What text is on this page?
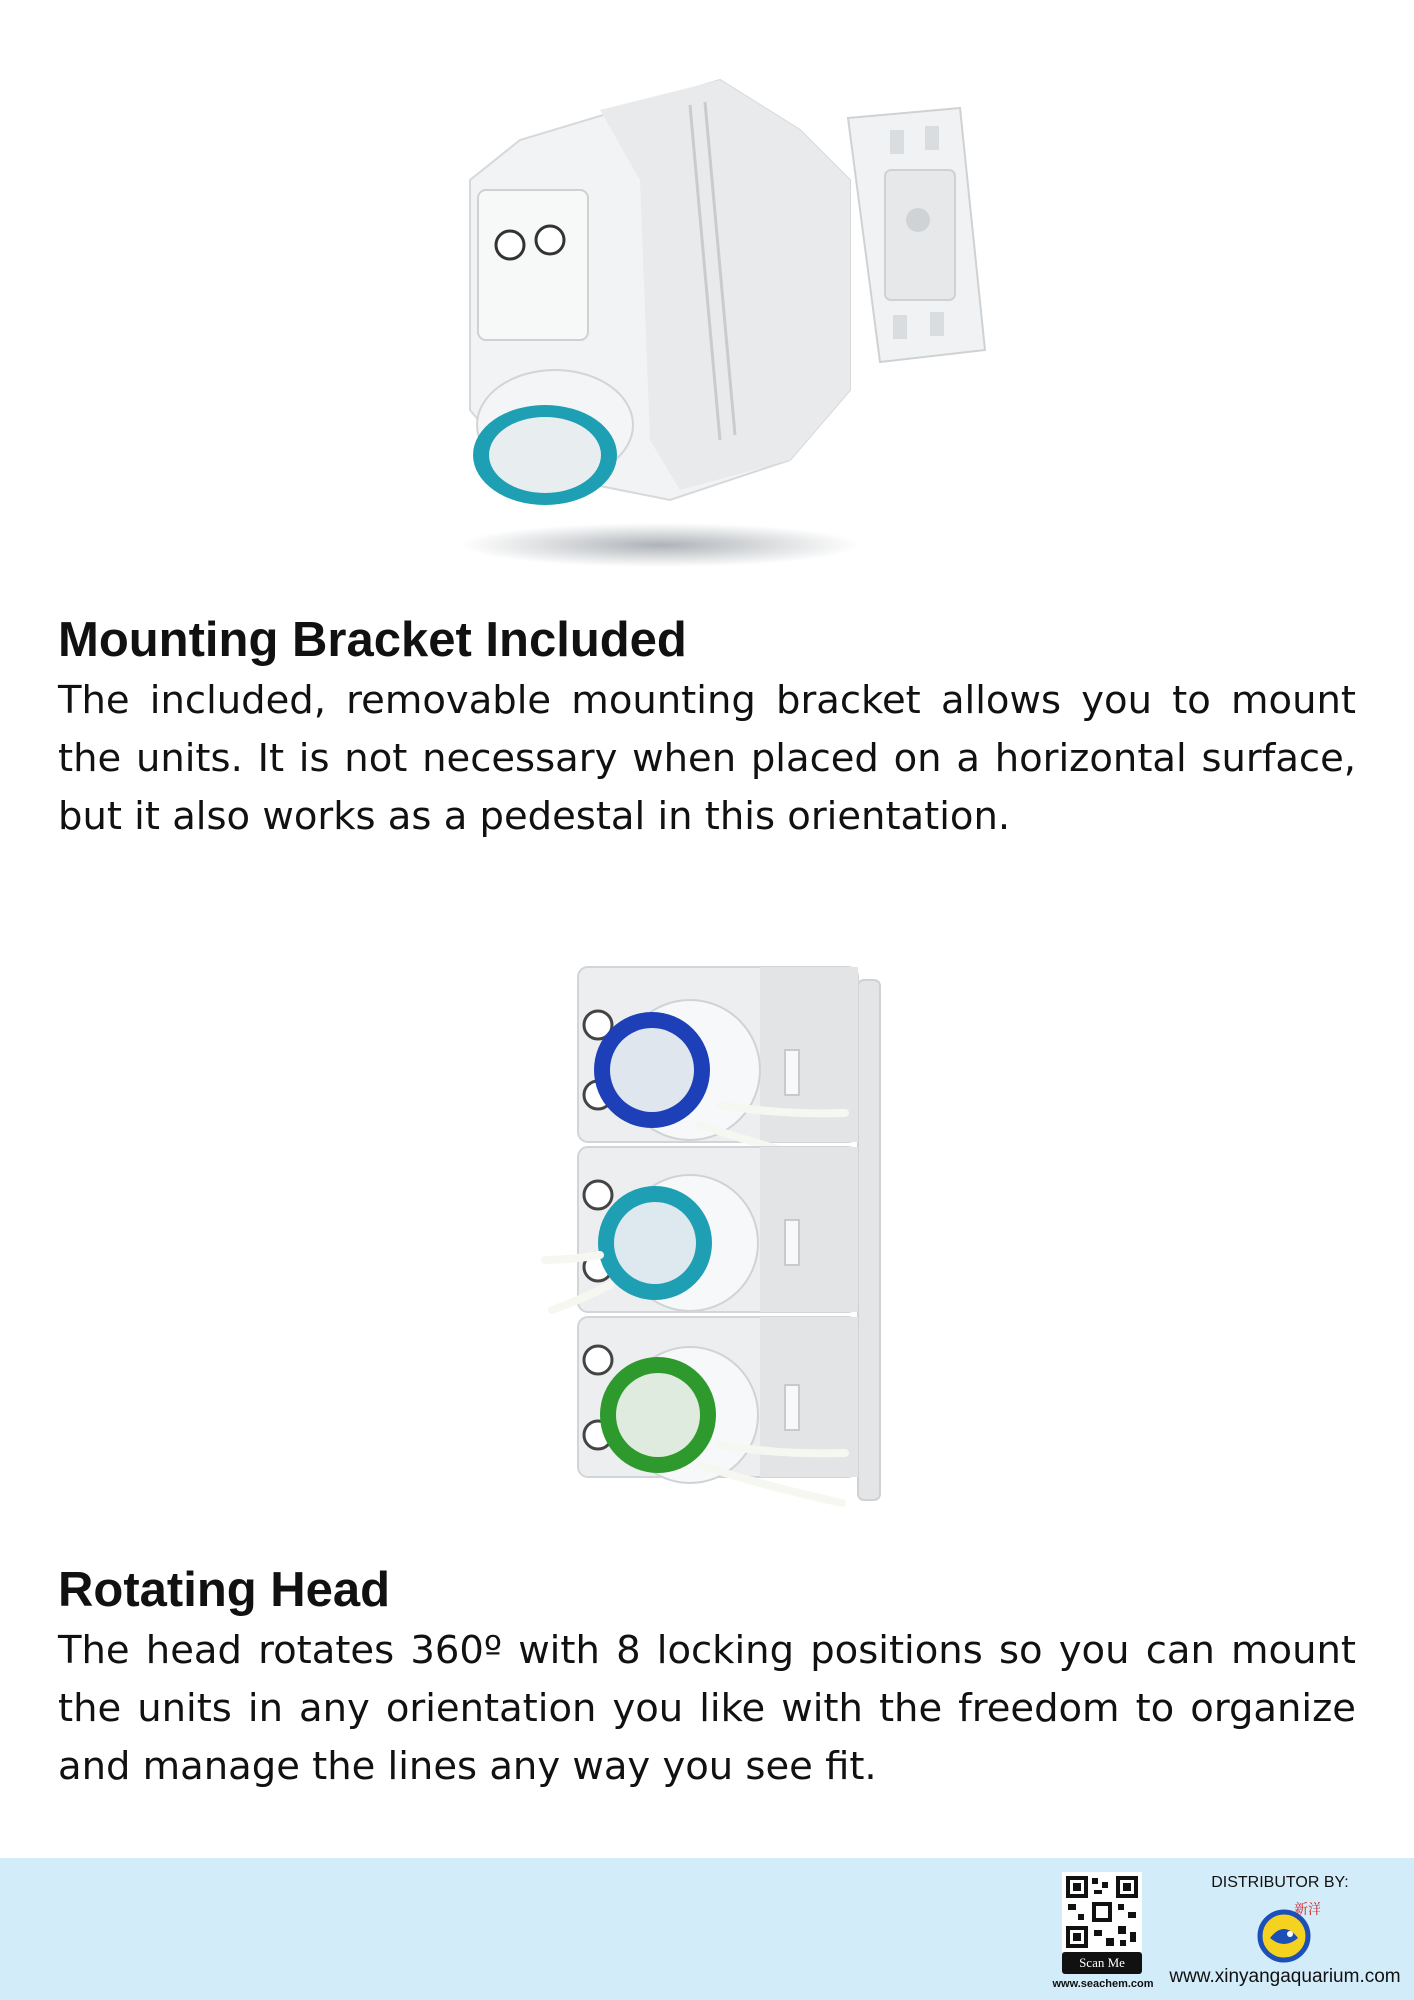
Mounting Bracket Included

The included, removable mounting bracket allows you to mount the units. It is not necessary when placed on a horizontal surface, but it also works as a pedestal in this orientation.

Rotating Head

The head rotates 360º with 8 locking positions so you can mount the units in any orientation you like with the freedom to organize and manage the lines any way you see fit.

Scan Me
www.seachem.com
DISTRIBUTOR BY:
新洋
www.xinyangaquarium.com
